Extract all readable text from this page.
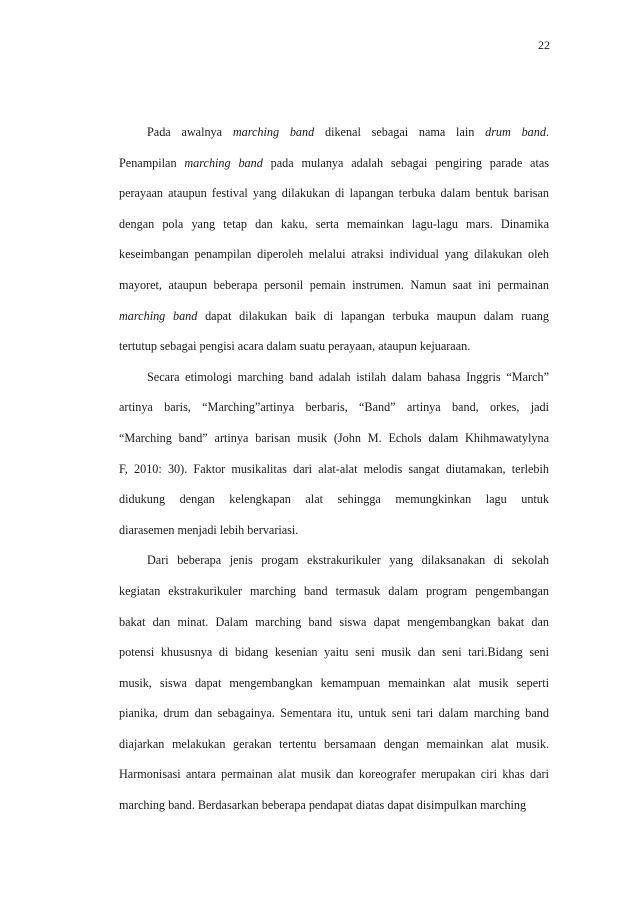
22
Pada awalnya marching band dikenal sebagai nama lain drum band.
Penampilan marching band pada mulanya adalah sebagai pengiring parade atas
perayaan ataupun festival yang dilakukan di lapangan terbuka dalam bentuk barisan
dengan pola yang tetap dan kaku, serta memainkan lagu-lagu mars. Dinamika
keseimbangan penampilan diperoleh melalui atraksi individual yang dilakukan oleh
mayoret, ataupun beberapa personil pemain instrumen. Namun saat ini permainan
marching band dapat dilakukan baik di lapangan terbuka maupun dalam ruang
tertutup sebagai pengisi acara dalam suatu perayaan, ataupun kejuaraan.
Secara etimologi marching band adalah istilah dalam bahasa Inggris “March”
artinya baris, “Marching”artinya berbaris, “Band” artinya band, orkes, jadi
“Marching band” artinya barisan musik (John M. Echols dalam Khihmawatylyna
F, 2010: 30). Faktor musikalitas dari alat-alat melodis sangat diutamakan, terlebih
didukung dengan kelengkapan alat sehingga memungkinkan lagu untuk
diarasemen menjadi lebih bervariasi.
Dari beberapa jenis progam ekstrakurikuler yang dilaksanakan di sekolah
kegiatan ekstrakurikuler marching band termasuk dalam program pengembangan
bakat dan minat. Dalam marching band siswa dapat mengembangkan bakat dan
potensi khususnya di bidang kesenian yaitu seni musik dan seni tari.Bidang seni
musik, siswa dapat mengembangkan kemampuan memainkan alat musik seperti
pianika, drum dan sebagainya. Sementara itu, untuk seni tari dalam marching band
diajarkan melakukan gerakan tertentu bersamaan dengan memainkan alat musik.
Harmonisasi antara permainan alat musik dan koreografer merupakan ciri khas dari
marching band. Berdasarkan beberapa pendapat diatas dapat disimpulkan marching
